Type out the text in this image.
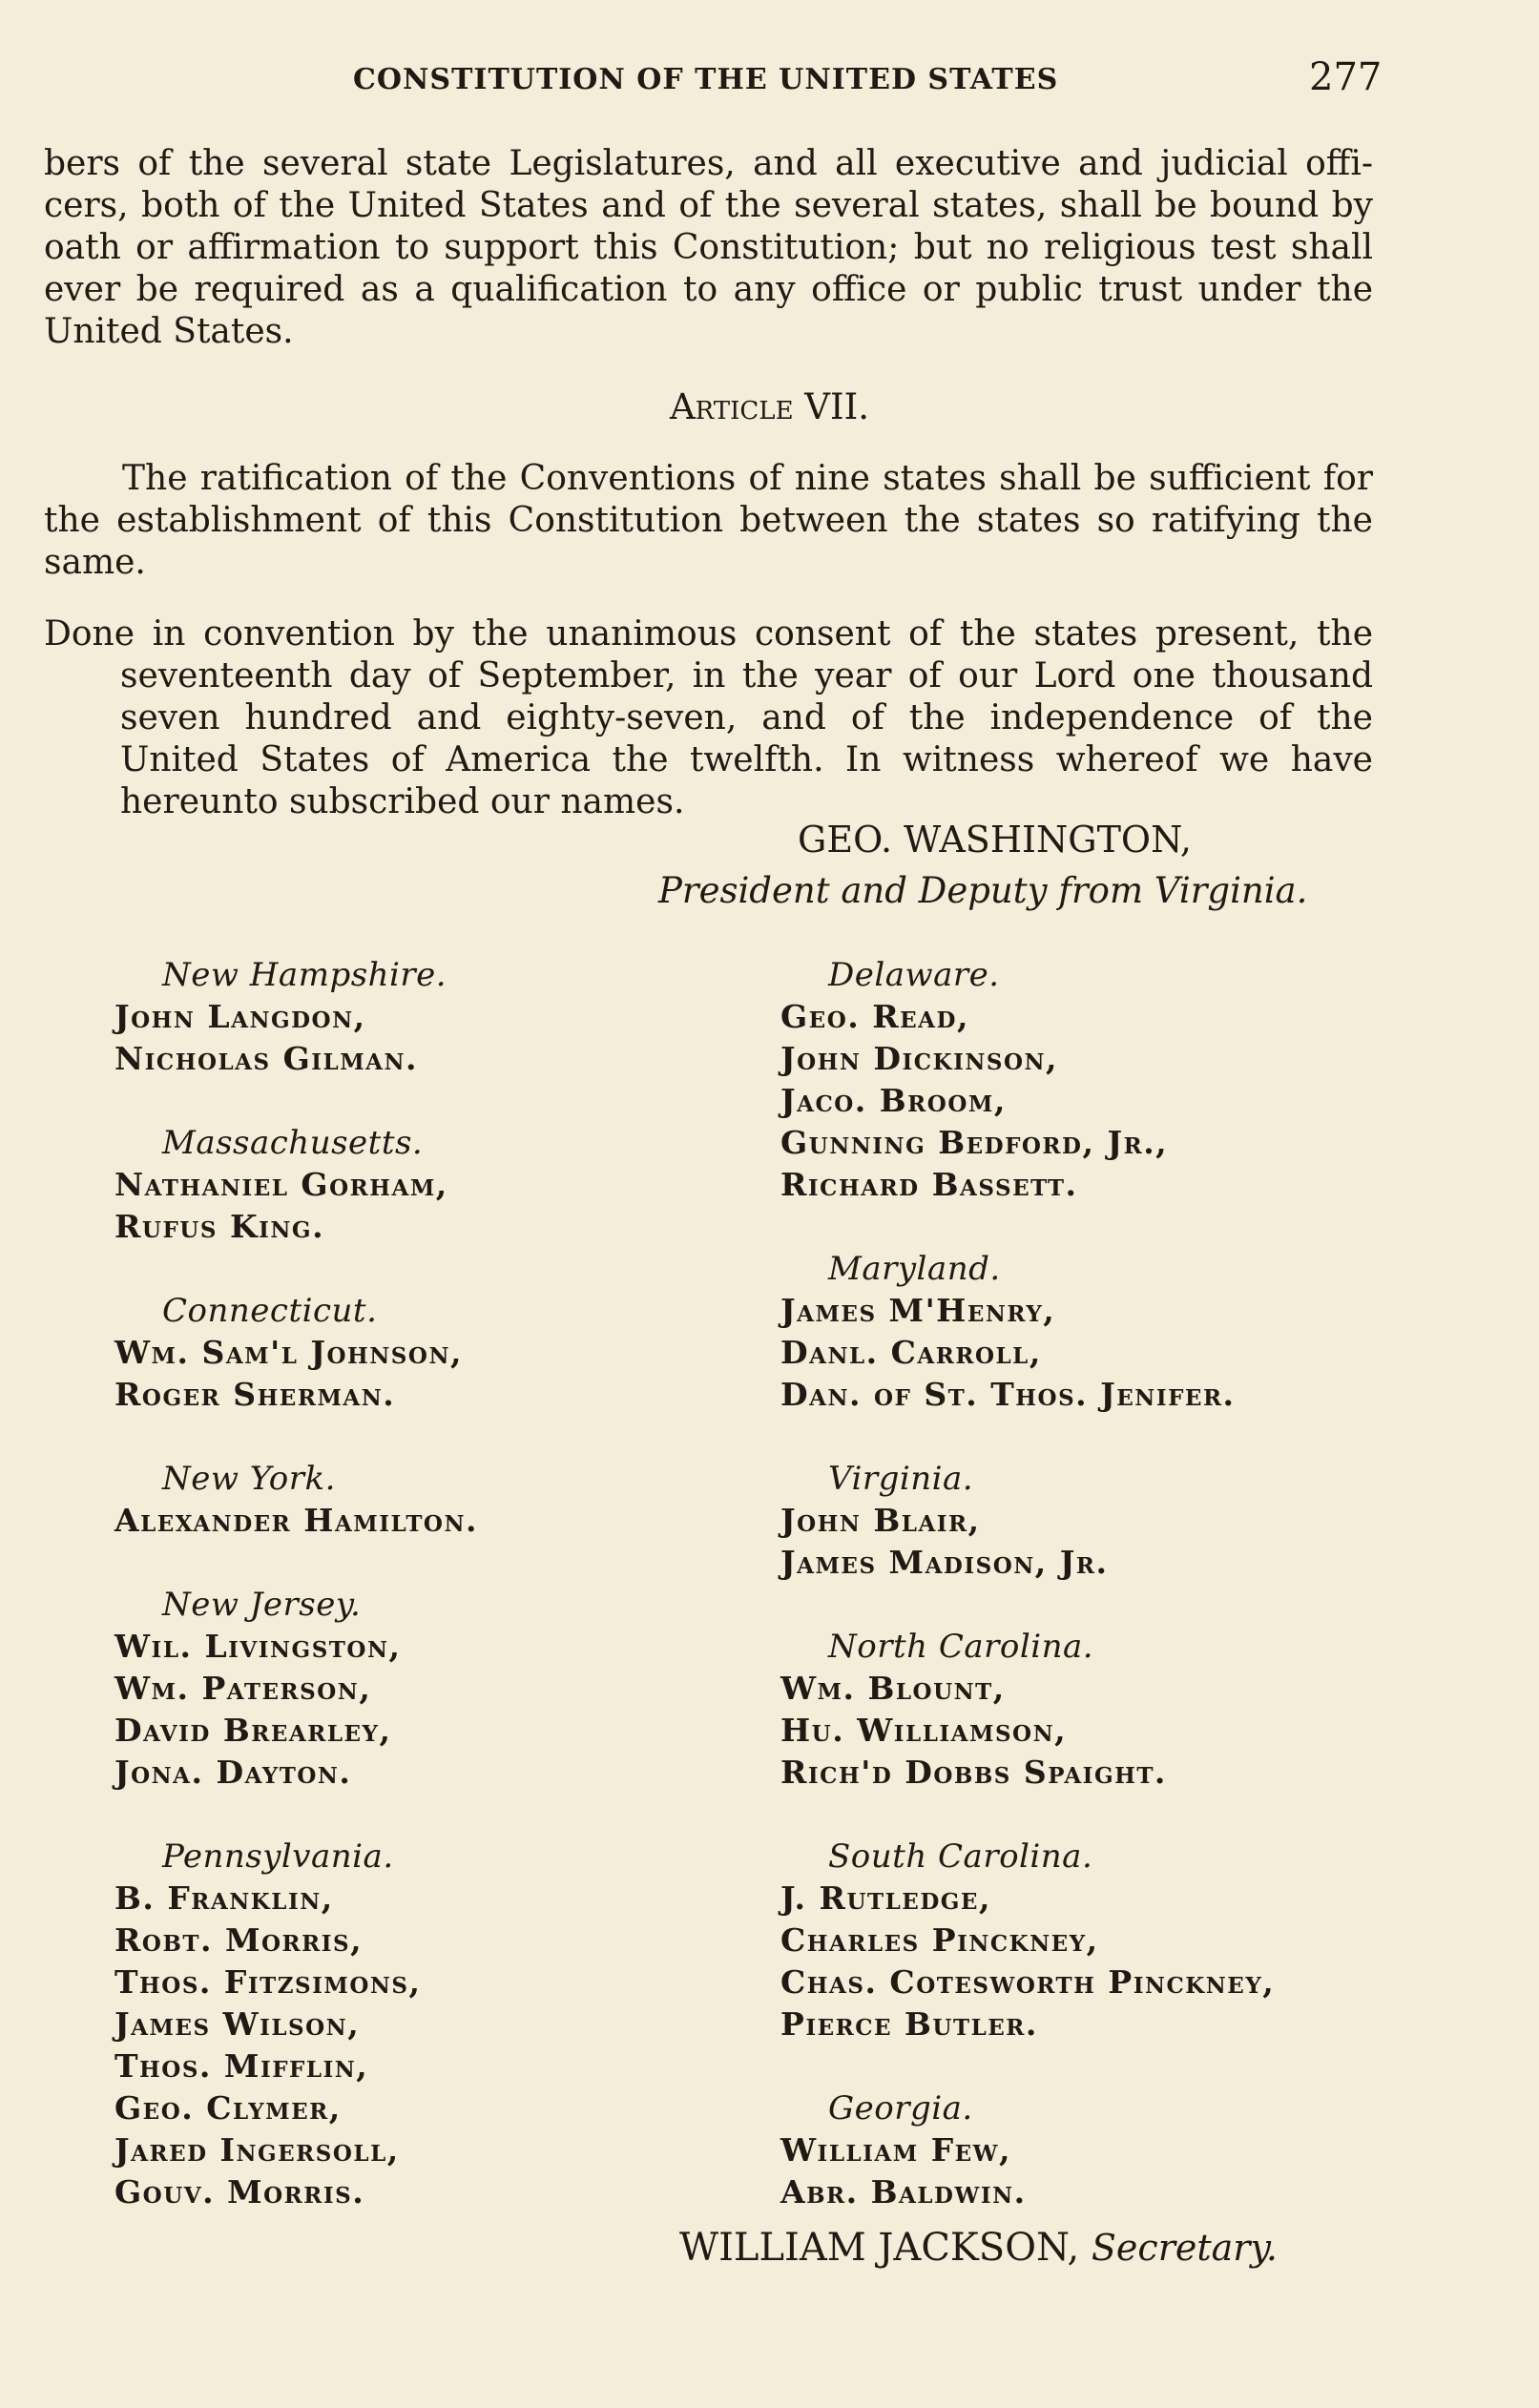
CONSTITUTION OF THE UNITED STATES	277
bers of the several state Legislatures, and all executive and judicial offi- cers, both of the United States and of the several states, shall be bound by oath or affirmation to support this Constitution; but no religious test shall ever be required as a qualification to any office or public trust under the United States.
Article VII.
The ratification of the Conventions of nine states shall be sufficient for the establishment of this Constitution between the states so ratifying the same.
Done in convention by the unanimous consent of the states present, the seventeenth day of September, in the year of our Lord one thousand seven hundred and eighty-seven, and of the independence of the United States of America the twelfth. In witness whereof we have hereunto subscribed our names.
GEO. WASHINGTON,
President and Deputy from Virginia.
New Hampshire.
John Langdon,
Nicholas Gilman.
Massachusetts.
Nathaniel Gorham,
Rufus King.
Connecticut.
Wm. Sam'l Johnson,
Roger Sherman.
New York.
Alexander Hamilton.
New Jersey.
Wil. Livingston,
Wm. Paterson,
David Brearley,
Jona. Dayton.
Pennsylvania.
B. Franklin,
Robt. Morris,
Thos. Fitzsimons,
James Wilson,
Thos. Mifflin,
Geo. Clymer,
Jared Ingersoll,
Gouv. Morris.
Delaware.
Geo. Read,
John Dickinson,
Jaco. Broom,
Gunning Bedford, Jr.,
Richard Bassett.
Maryland.
James M'Henry,
Danl. Carroll,
Dan. of St. Thos. Jenifer.
Virginia.
John Blair,
James Madison, Jr.
North Carolina.
Wm. Blount,
Hu. Williamson,
Rich'd Dobbs Spaight.
South Carolina.
J. Rutledge,
Charles Pinckney,
Chas. Cotesworth Pinckney,
Pierce Butler.
Georgia.
William Few,
Abr. Baldwin.
WILLIAM JACKSON, Secretary.
